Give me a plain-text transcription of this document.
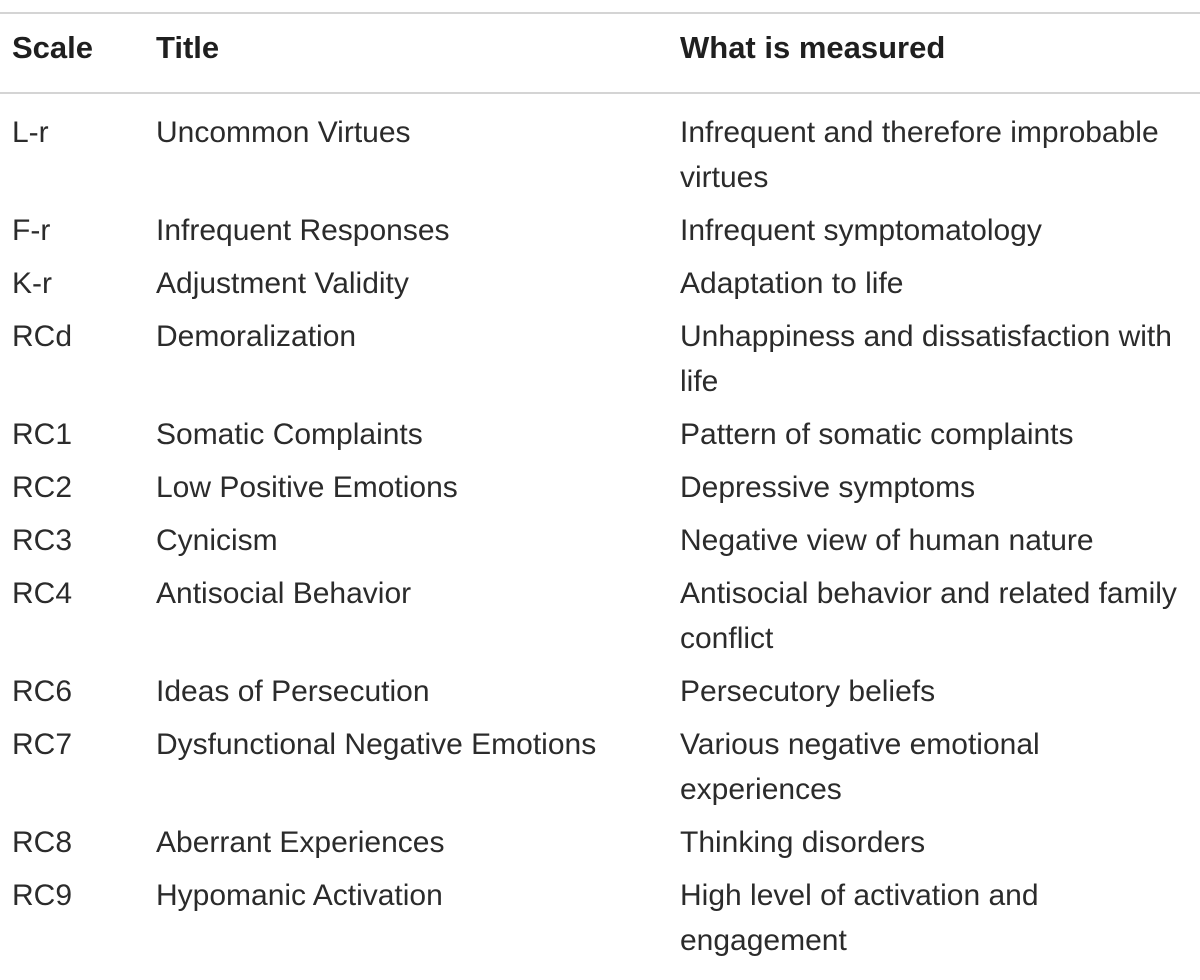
Scale Title	What is measured
L-r	Uncommon Virtues	Infrequent and therefore improbable virtues
F-r	Infrequent Responses	Infrequent symptomatology
K-r	Adjustment Validity	Adaptation to life
RCd	Demoralization	Unhappiness and dissatisfaction with life
RC1	Somatic Complaints	Pattern of somatic complaints
RC2	Low Positive Emotions	Depressive symptoms
RC3	Cynicism	Negative view of human nature
RC4	Antisocial Behavior	Antisocial behavior and related family conflict
RC6	Ideas of Persecution	Persecutory beliefs
RC7	Dysfunctional Negative Emotions	Various negative emotional experiences
RC8	Aberrant Experiences	Thinking disorders
RC9	Hypomanic Activation	High level of activation and engagement
